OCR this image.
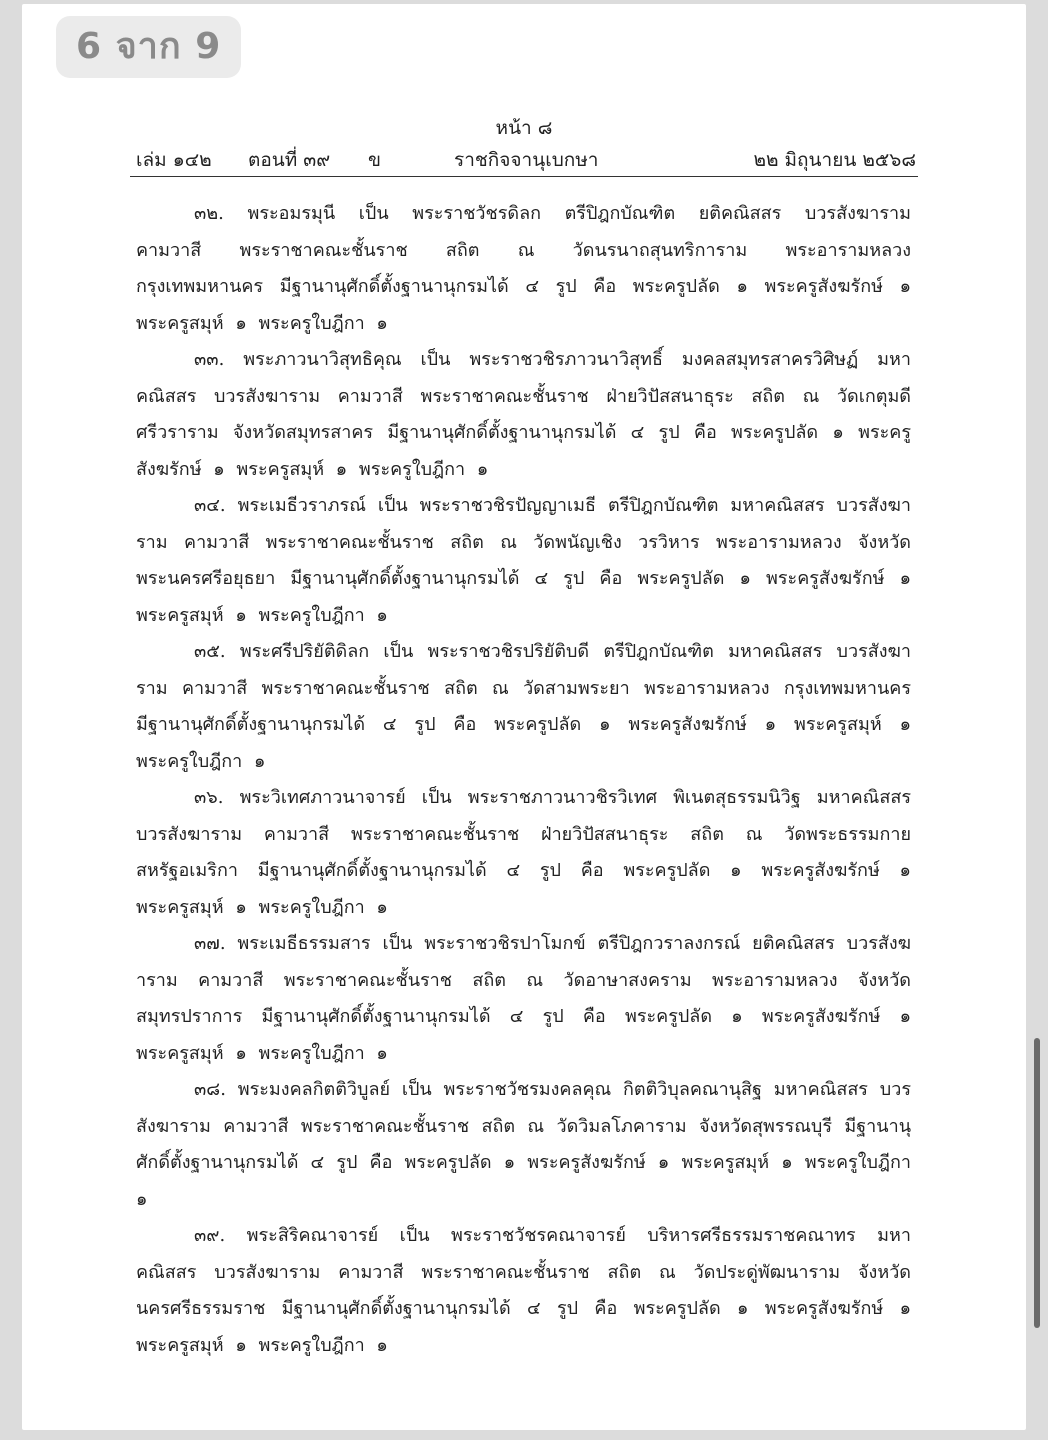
6 จาก 9
หน้า ๘
เล่ม ๑๔๒ ตอนที่ ๓๙ ข	ราชกิจจานุเบกษา	๒๒ มิถุนายน ๒๕๖๘

๓๒. พระอมรมุนี เป็น พระราชวัชรดิลก ตรีปิฎกบัณฑิต ยติคณิสสร บวรสังฆาราม คามวาสี พระราชาคณะชั้นราช สถิต ณ วัดนรนาถสุนทริการาม พระอารามหลวง กรุงเทพมหานคร มีฐานานุศักดิ์ตั้งฐานานุกรมได้ ๔ รูป คือ พระครูปลัด ๑ พระครูสังฆรักษ์ ๑ พระครูสมุห์ ๑ พระครูใบฎีกา ๑

๓๓. พระภาวนาวิสุทธิคุณ เป็น พระราชวชิรภาวนาวิสุทธิ์ มงคลสมุทรสาครวิศิษฏ์ มหาคณิสสร บวรสังฆาราม คามวาสี พระราชาคณะชั้นราช ฝ่ายวิปัสสนาธุระ สถิต ณ วัดเกตุมดีศรีวราราม จังหวัดสมุทรสาคร มีฐานานุศักดิ์ตั้งฐานานุกรมได้ ๔ รูป คือ พระครูปลัด ๑ พระครูสังฆรักษ์ ๑ พระครูสมุห์ ๑ พระครูใบฎีกา ๑

๓๔. พระเมธีวราภรณ์ เป็น พระราชวชิรปัญญาเมธี ตรีปิฎกบัณฑิต มหาคณิสสร บวรสังฆาราม คามวาสี พระราชาคณะชั้นราช สถิต ณ วัดพนัญเชิง วรวิหาร พระอารามหลวง จังหวัดพระนครศรีอยุธยา มีฐานานุศักดิ์ตั้งฐานานุกรมได้ ๔ รูป คือ พระครูปลัด ๑ พระครูสังฆรักษ์ ๑ พระครูสมุห์ ๑ พระครูใบฎีกา ๑

๓๕. พระศรีปริยัติดิลก เป็น พระราชวชิรปริยัติบดี ตรีปิฎกบัณฑิต มหาคณิสสร บวรสังฆาราม คามวาสี พระราชาคณะชั้นราช สถิต ณ วัดสามพระยา พระอารามหลวง กรุงเทพมหานคร มีฐานานุศักดิ์ตั้งฐานานุกรมได้ ๔ รูป คือ พระครูปลัด ๑ พระครูสังฆรักษ์ ๑ พระครูสมุห์ ๑ พระครูใบฎีกา ๑

๓๖. พระวิเทศภาวนาจารย์ เป็น พระราชภาวนาวชิรวิเทศ พิเนตสุธรรมนิวิฐ มหาคณิสสร บวรสังฆาราม คามวาสี พระราชาคณะชั้นราช ฝ่ายวิปัสสนาธุระ สถิต ณ วัดพระธรรมกาย สหรัฐอเมริกา มีฐานานุศักดิ์ตั้งฐานานุกรมได้ ๔ รูป คือ พระครูปลัด ๑ พระครูสังฆรักษ์ ๑ พระครูสมุห์ ๑ พระครูใบฎีกา ๑

๓๗. พระเมธีธรรมสาร เป็น พระราชวชิรปาโมกข์ ตรีปิฎกวราลงกรณ์ ยติคณิสสร บวรสังฆาราม คามวาสี พระราชาคณะชั้นราช สถิต ณ วัดอาษาสงคราม พระอารามหลวง จังหวัดสมุทรปราการ มีฐานานุศักดิ์ตั้งฐานานุกรมได้ ๔ รูป คือ พระครูปลัด ๑ พระครูสังฆรักษ์ ๑ พระครูสมุห์ ๑ พระครูใบฎีกา ๑

๓๘. พระมงคลกิตติวิบูลย์ เป็น พระราชวัชรมงคลคุณ กิตติวิบุลคณานุสิฐ มหาคณิสสร บวรสังฆาราม คามวาสี พระราชาคณะชั้นราช สถิต ณ วัดวิมลโภคาราม จังหวัดสุพรรณบุรี มีฐานานุศักดิ์ตั้งฐานานุกรมได้ ๔ รูป คือ พระครูปลัด ๑ พระครูสังฆรักษ์ ๑ พระครูสมุห์ ๑ พระครูใบฎีกา ๑

๓๙. พระสิริคณาจารย์ เป็น พระราชวัชรคณาจารย์ บริหารศรีธรรมราชคณาทร มหาคณิสสร บวรสังฆาราม คามวาสี พระราชาคณะชั้นราช สถิต ณ วัดประดู่พัฒนาราม จังหวัดนครศรีธรรมราช มีฐานานุศักดิ์ตั้งฐานานุกรมได้ ๔ รูป คือ พระครูปลัด ๑ พระครูสังฆรักษ์ ๑ พระครูสมุห์ ๑ พระครูใบฎีกา ๑
